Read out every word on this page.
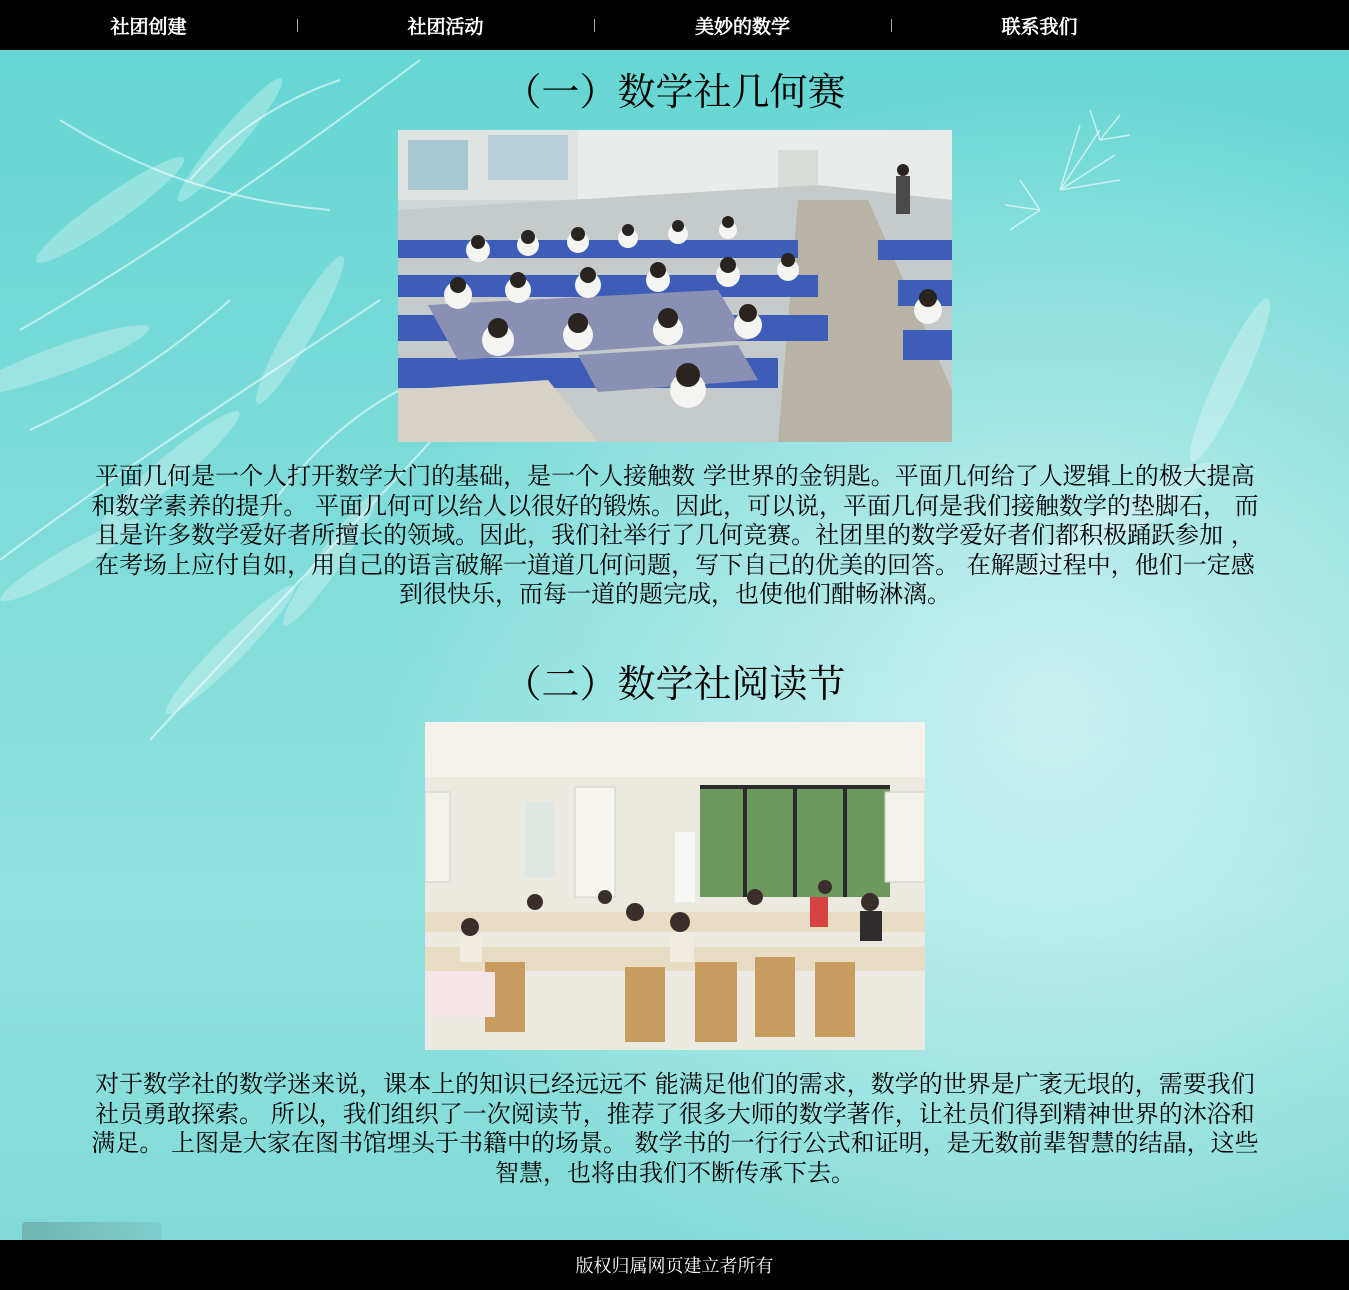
社团创建	社团活动	美妙的数学	联系我们
（一）数学社几何赛

平面几何是一个人打开数学大门的基础，是一个人接触数 学世界的金钥匙。平面几何给了人逻辑上的极大提高和数学素养的提升。 平面几何可以给人以很好的锻炼。因此，可以说，平面几何是我们接触数学的垫脚石， 而且是许多数学爱好者所擅长的领域。因此，我们社举行了几何竞赛。社团里的数学爱好者们都积极踊跃参加 ，在考场上应付自如，用自己的语言破解一道道几何问题，写下自己的优美的回答。 在解题过程中，他们一定感到很快乐，而每一道的题完成，也使他们酣畅淋漓。

（二）数学社阅读节

对于数学社的数学迷来说，课本上的知识已经远远不 能满足他们的需求，数学的世界是广袤无垠的，需要我们社员勇敢探索。 所以，我们组织了一次阅读节，推荐了很多大师的数学著作，让社员们得到精神世界的沐浴和满足。 上图是大家在图书馆埋头于书籍中的场景。 数学书的一行行公式和证明，是无数前辈智慧的结晶，这些智慧，也将由我们不断传承下去。

版权归属网页建立者所有
